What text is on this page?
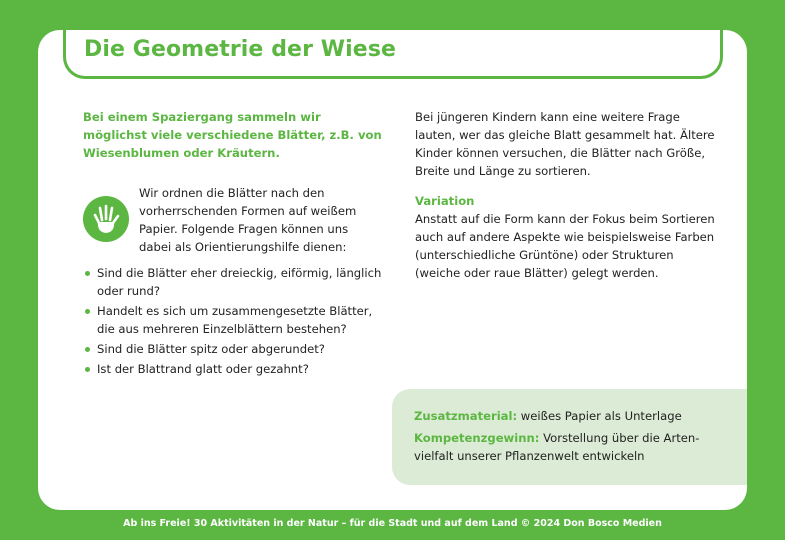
Die Geometrie der Wiese

Bei einem Spaziergang sammeln wir möglichst viele verschiedene Blätter, z.B. von Wiesenblumen oder Kräutern.

Wir ordnen die Blätter nach den vorherrschenden Formen auf weißem Papier. Folgende Fragen können uns dabei als Orientierungshilfe dienen:

Sind die Blätter eher dreieckig, eiförmig, länglich oder rund?
Handelt es sich um zusammengesetzte Blätter, die aus mehreren Einzelblättern bestehen?
Sind die Blätter spitz oder abgerundet?
Ist der Blattrand glatt oder gezahnt?

Bei jüngeren Kindern kann eine weitere Frage lauten, wer das gleiche Blatt gesammelt hat. Ältere Kinder können versuchen, die Blätter nach Größe, Breite und Länge zu sortieren.

Variation

Anstatt auf die Form kann der Fokus beim Sortieren auch auf andere Aspekte wie beispielsweise Farben (unterschiedliche Grüntöne) oder Strukturen (weiche oder raue Blätter) gelegt werden.

Zusatzmaterial: weißes Papier als Unterlage

Kompetenzgewinn: Vorstellung über die Artenvielfalt unserer Pflanzenwelt entwickeln

Ab ins Freie! 30 Aktivitäten in der Natur – für die Stadt und auf dem Land © 2024 Don Bosco Medien
